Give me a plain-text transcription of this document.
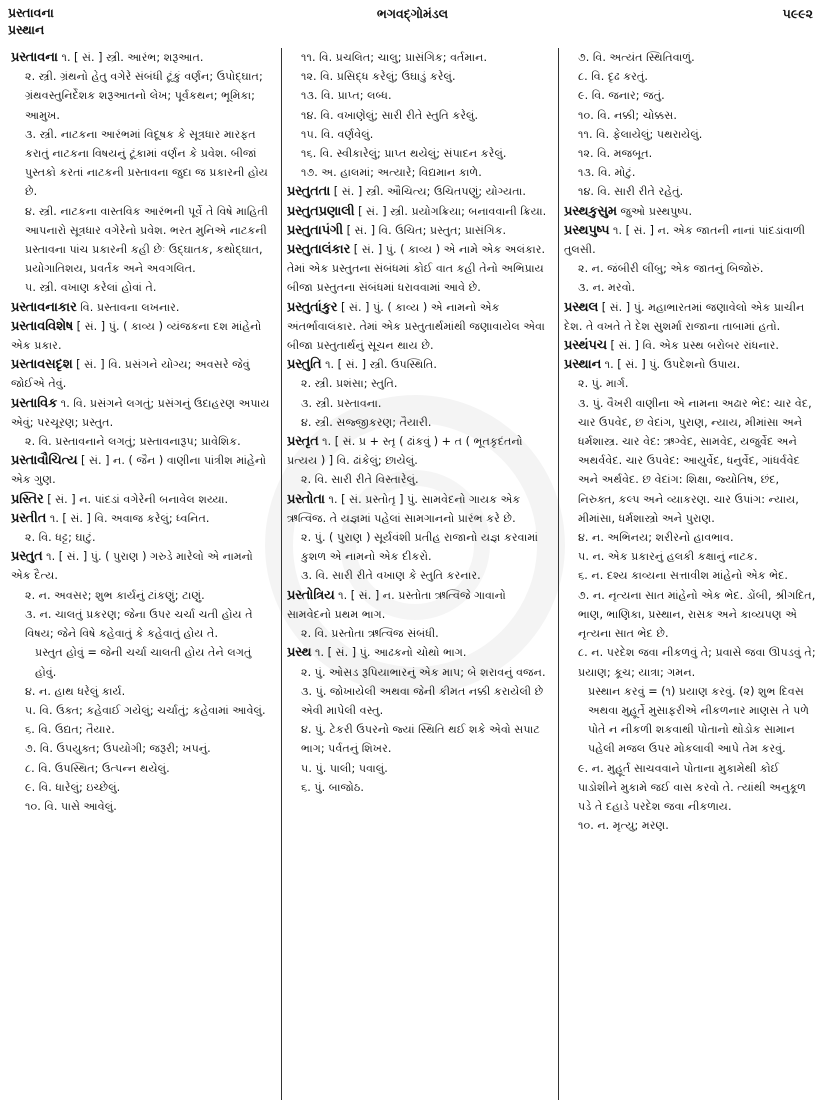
પ્રસ્તાવના
પ્રસ્થાન
ભગવદ્ગોમંડલ	૫૯૯૨

પ્રસ્તાવના ૧. [ સં. ] સ્ત્રી. આરંભ; શરૂઆત.

૨. સ્ત્રી. ગ્રંથનો હેતુ વગેરે સંબંધી ટૂંકું વર્ણન; ઉપોદ્ઘાત; ગ્રંથવસ્તુનિર્દેશક શરૂઆતનો લેખ; પૂર્વકથન; ભૂમિકા; આમુખ.

૩. સ્ત્રી. નાટકના આરંભમાં વિદૂષક કે સૂત્રધાર મારફત કરાતું નાટકના વિષયનું ટૂંકામાં વર્ણન કે પ્રવેશ. બીજાં પુસ્તકો કરતાં નાટકની પ્રસ્તાવના જુદા જ પ્રકારની હોય છે.

૪. સ્ત્રી. નાટકના વાસ્તવિક આરંભની પૂર્વે તે વિષે માહિતી આપનારો સૂત્રધાર વગેરેનો પ્રવેશ. ભરત મુનિએ નાટકની પ્રસ્તાવના પાંચ પ્રકારની કહી છેઃ ઉદ્ઘાતક, કથોદ્ઘાત, પ્રયોગાતિશય, પ્રવર્તક અને અવગલિત.

૫. સ્ત્રી. વખાણ કરેલાં હોવાં તે.

પ્રસ્તાવનાકાર વિ. પ્રસ્તાવના લખનાર.

પ્રસ્તાવવિશેષ [ સં. ] પું. ( કાવ્ય ) વ્યંજકના દશ માંહેનો એક પ્રકાર.

પ્રસ્તાવસદૃશ [ સં. ] વિ. પ્રસંગને યોગ્ય; અવસરે જેવું જોઈએ તેવું.

પ્રસ્તાવિક ૧. વિ. પ્રસંગને લગતું; પ્રસંગનું ઉદાહરણ અપાય એવું; પરચૂરણ; પ્રસ્તુત.

૨. વિ. પ્રસ્તાવનાને લગતું; પ્રસ્તાવનારૂપ; પ્રાવેશિક.

પ્રસ્તાવૌચિત્ય [ સં. ] ન. ( જૈન ) વાણીના પાંત્રીશ માંહેનો એક ગુણ.

પ્રસ્તિર [ સં. ] ન. પાંદડાં વગેરેની બનાવેલ શય્યા.

પ્રસ્તીત ૧. [ સં. ] વિ. અવાજ કરેલું; ધ્વનિત.

૨. વિ. ધટ્ટ; ઘાટું.

પ્રસ્તુત ૧. [ સં. ] પું. ( પુરાણ ) ગરુડે મારેલો એ નામનો એક દૈત્ય.

૨. ન. અવસર; શુભ કાર્યનું ટાંકણું; ટાણું.

૩. ન. ચાલતું પ્રકરણ; જેના ઉપર ચર્ચા ચતી હોય તે વિષય; જેને વિષે કહેવાતું કે કહેવાતું હોય તે.

પ્રસ્તુત હોવું = જેની ચર્ચા ચાલતી હોય તેને લગતું હોવું.

૪. ન. હાથ ધરેલું કાર્ય.

૫. વિ. ઉક્ત; કહેવાઈ ગયેલું; ચર્ચાતું; કહેવામાં આવેલું.

૬. વિ. ઉદ્યત; તૈયાર.

૭. વિ. ઉપયુક્ત; ઉપયોગી; જરૂરી; ખપનું.

૮. વિ. ઉપસ્થિત; ઉત્પન્ન થયેલું.

૯. વિ. ધારેલું; ઇચ્છેલું.

૧૦. વિ. પાસે આવેલું.

૧૧. વિ. પ્રચલિત; ચાલુ; પ્રાસંગિક; વર્તમાન.

૧૨. વિ. પ્રસિદ્ધ કરેલું; ઉઘાડું કરેલું.

૧૩. વિ. પ્રાપ્ત; લબ્ધ.

૧૪. વિ. વખાણેલું; સારી રીતે સ્તુતિ કરેલું.

૧૫. વિ. વર્ણવેલું.

૧૬. વિ. સ્વીકારેલું; પ્રાપ્ત થયેલું; સંપાદન કરેલું.

૧૭. અ. હાલમાં; અત્યારે; વિદ્યમાન કાળે.

પ્રસ્તુતતા [ સં. ] સ્ત્રી. ઔચિત્ય; ઉચિતપણું; યોગ્યતા.

પ્રસ્તુતપ્રણાલી [ સં. ] સ્ત્રી. પ્રયોગક્રિયા; બનાવવાની ક્રિયા.

પ્રસ્તુતાપંગી [ સં. ] વિ. ઉચિત; પ્રસ્તુત; પ્રાસંગિક.

પ્રસ્તુતાલંકાર [ સં. ] પું. ( કાવ્ય ) એ નામે એક અલંકાર. તેમાં એક પ્રસ્તુતના સંબંધમાં કોઈ વાત કહી તેનો અભિપ્રાય બીજા પ્રસ્તુતના સંબંધમાં ધરાવવામાં આવે છે.

પ્રસ્તુતાંકુર [ સં. ] પું. ( કાવ્ય ) એ નામનો એક અંતર્ભાવાલંકાર. તેમાં એક પ્રસ્તુતાર્થમાંથી જણાવાયેલ એવા બીજા પ્રસ્તુતાર્થનું સૂચન થાય છે.

પ્રસ્તુતિ ૧. [ સં. ] સ્ત્રી. ઉપસ્થિતિ.

૨. સ્ત્રી. પ્રશંસા; સ્તુતિ.

૩. સ્ત્રી. પ્રસ્તાવના.

૪. સ્ત્રી. સજ્જીકરણ; તૈયારી.

પ્રસ્તૃત ૧. [ સં. પ્ર + સ્તૃ ( ઢાંકવું ) + ત ( ભૂતકૃદંતનો પ્રત્યય ) ] વિ. ઢાંકેલું; છાયેલું.

૨. વિ. સારી રીતે વિસ્તારેલું.

પ્રસ્તોતા ૧. [ સં. પ્રસ્તોતૃ ] પું. સામવેદનો ગાયક એક ઋત્વિજ. તે યજ્ઞમાં પહેલાં સામગાનનો પ્રારંભ કરે છે.

૨. પું. ( પુરાણ ) સૂર્યવંશી પ્રતીહ રાજાનો યજ્ઞ કરવામાં કુશળ એ નામનો એક દીકરો.

૩. વિ. સારી રીતે વખાણ કે સ્તુતિ કરનાર.

પ્રસ્તોત્રિય ૧. [ સં. ] ન. પ્રસ્તોતા ઋત્વિજે ગાવાનો સામવેદનો પ્રથમ ભાગ.

૨. વિ. પ્રસ્તોતા ઋત્વિજ સંબંધી.

પ્રસ્થ ૧. [ સં. ] પું. આઢકનો ચોથો ભાગ.

૨. પું. ઓસડ રૂપિયાભારનું એક માપ; બે શરાવનું વજન.

૩. પું. જોખાયેલી અથવા જેની કીમત નક્કી કરાયેલી છે એવી માપેલી વસ્તુ.

૪. પું. ટેકરી ઉપરનો જ્યાં સ્થિતિ થઈ શકે એવો સપાટ ભાગ; પર્વતનું શિખર.

૫. પું. પાલી; પવાલું.

૬. પું. બાજોઠ.

૭. વિ. અત્યંત સ્થિતિવાળું.

૮. વિ. દૃઢ કરતું.

૯. વિ. જનાર; જતું.

૧૦. વિ. નક્કી; ચોક્કસ.

૧૧. વિ. ફેલાયેલું; પથરાયેલું.

૧૨. વિ. મજબૂત.

૧૩. વિ. મોટું.

૧૪. વિ. સારી રીતે રહેતું.

પ્રસ્થકુસુમ જુઓ પ્રસ્થપુષ્પ.

પ્રસ્થપુષ્પ ૧. [ સં. ] ન. એક જાતની નાનાં પાંદડાંવાળી તુલસી.

૨. ન. જંબીરી લીંબુ; એક જાતનું બિજોરું.

૩. ન. મરવો.

પ્રસ્થલ [ સં. ] પું. મહાભારતમાં જણાવેલો એક પ્રાચીન દેશ. તે વખતે તે દેશ સુશર્મા રાજાના તાબામાં હતો.

પ્રસ્થંપચ [ સં. ] વિ. એક પ્રસ્થ બરોબર રાંધનાર.

પ્રસ્થાન ૧. [ સં. ] પું. ઉપદેશનો ઉપાય.

૨. પું. માર્ગ.

૩. પું. વૈખરી વાણીના એ નામના અઢાર ભેદ: ચાર વેદ, ચાર ઉપવેદ, છ વેદાંગ, પુરાણ, ન્યાય, મીમાંસા અને ધર્મશાસ્ત્ર. ચાર વેદ: ઋગ્વેદ, સામવેદ, યજુર્વેદ અને અથર્વવેદ. ચાર ઉપવેદ: આયુર્વેદ, ધનુર્વેદ, ગાંધર્વવેદ અને અર્થવેદ. છ વેદાંગ: શિક્ષા, જ્યોતિષ, છંદ, નિરુક્ત, કલ્પ અને વ્યાકરણ. ચાર ઉપાંગ: ન્યાય, મીમાંસા, ધર્મશાસ્ત્રો અને પુરાણ.

૪. ન. અભિનય; શરીરનો હાવભાવ.

૫. ન. એક પ્રકારનું હલકી કક્ષાનું નાટક.

૬. ન. દશ્ય કાવ્યના સત્તાવીશ માંહેનો એક ભેદ.

૭. ન. નૃત્યના સાત માંહેનો એક ભેદ. ડોંબી, શ્રીગદિત, ભાણ, ભાણિકા, પ્રસ્થાન, રાસક અને કાવ્યપણ એ નૃત્યના સાત ભેદ છે.

૮. ન. પરદેશ જવા નીકળવું તે; પ્રવાસે જવા ઊપડવું તે; પ્રયાણ; કૂચ; યાત્રા; ગમન.

પ્રસ્થાન કરવું = (૧) પ્રયાણ કરવું. (૨) શુભ દિવસ અથવા મુહૂર્તે મુસાફરીએ નીકળનાર માણસ તે પળે પોતે ન નીકળી શકવાથી પોતાનો થોડોક સામાન પહેલી મજલ ઉપર મોકલાવી આપે તેમ કરવું.

૯. ન. મુહૂર્ત સાચવવાને પોતાના મુકામેથી કોઈ પાડોશીને મુકામે જઈ વાસ કરવો તે. ત્યાંથી અનુકૂળ પડે તે દહાડે પરદેશ જવા નીકળાય.

૧૦. ન. મૃત્યુ; મરણ.
